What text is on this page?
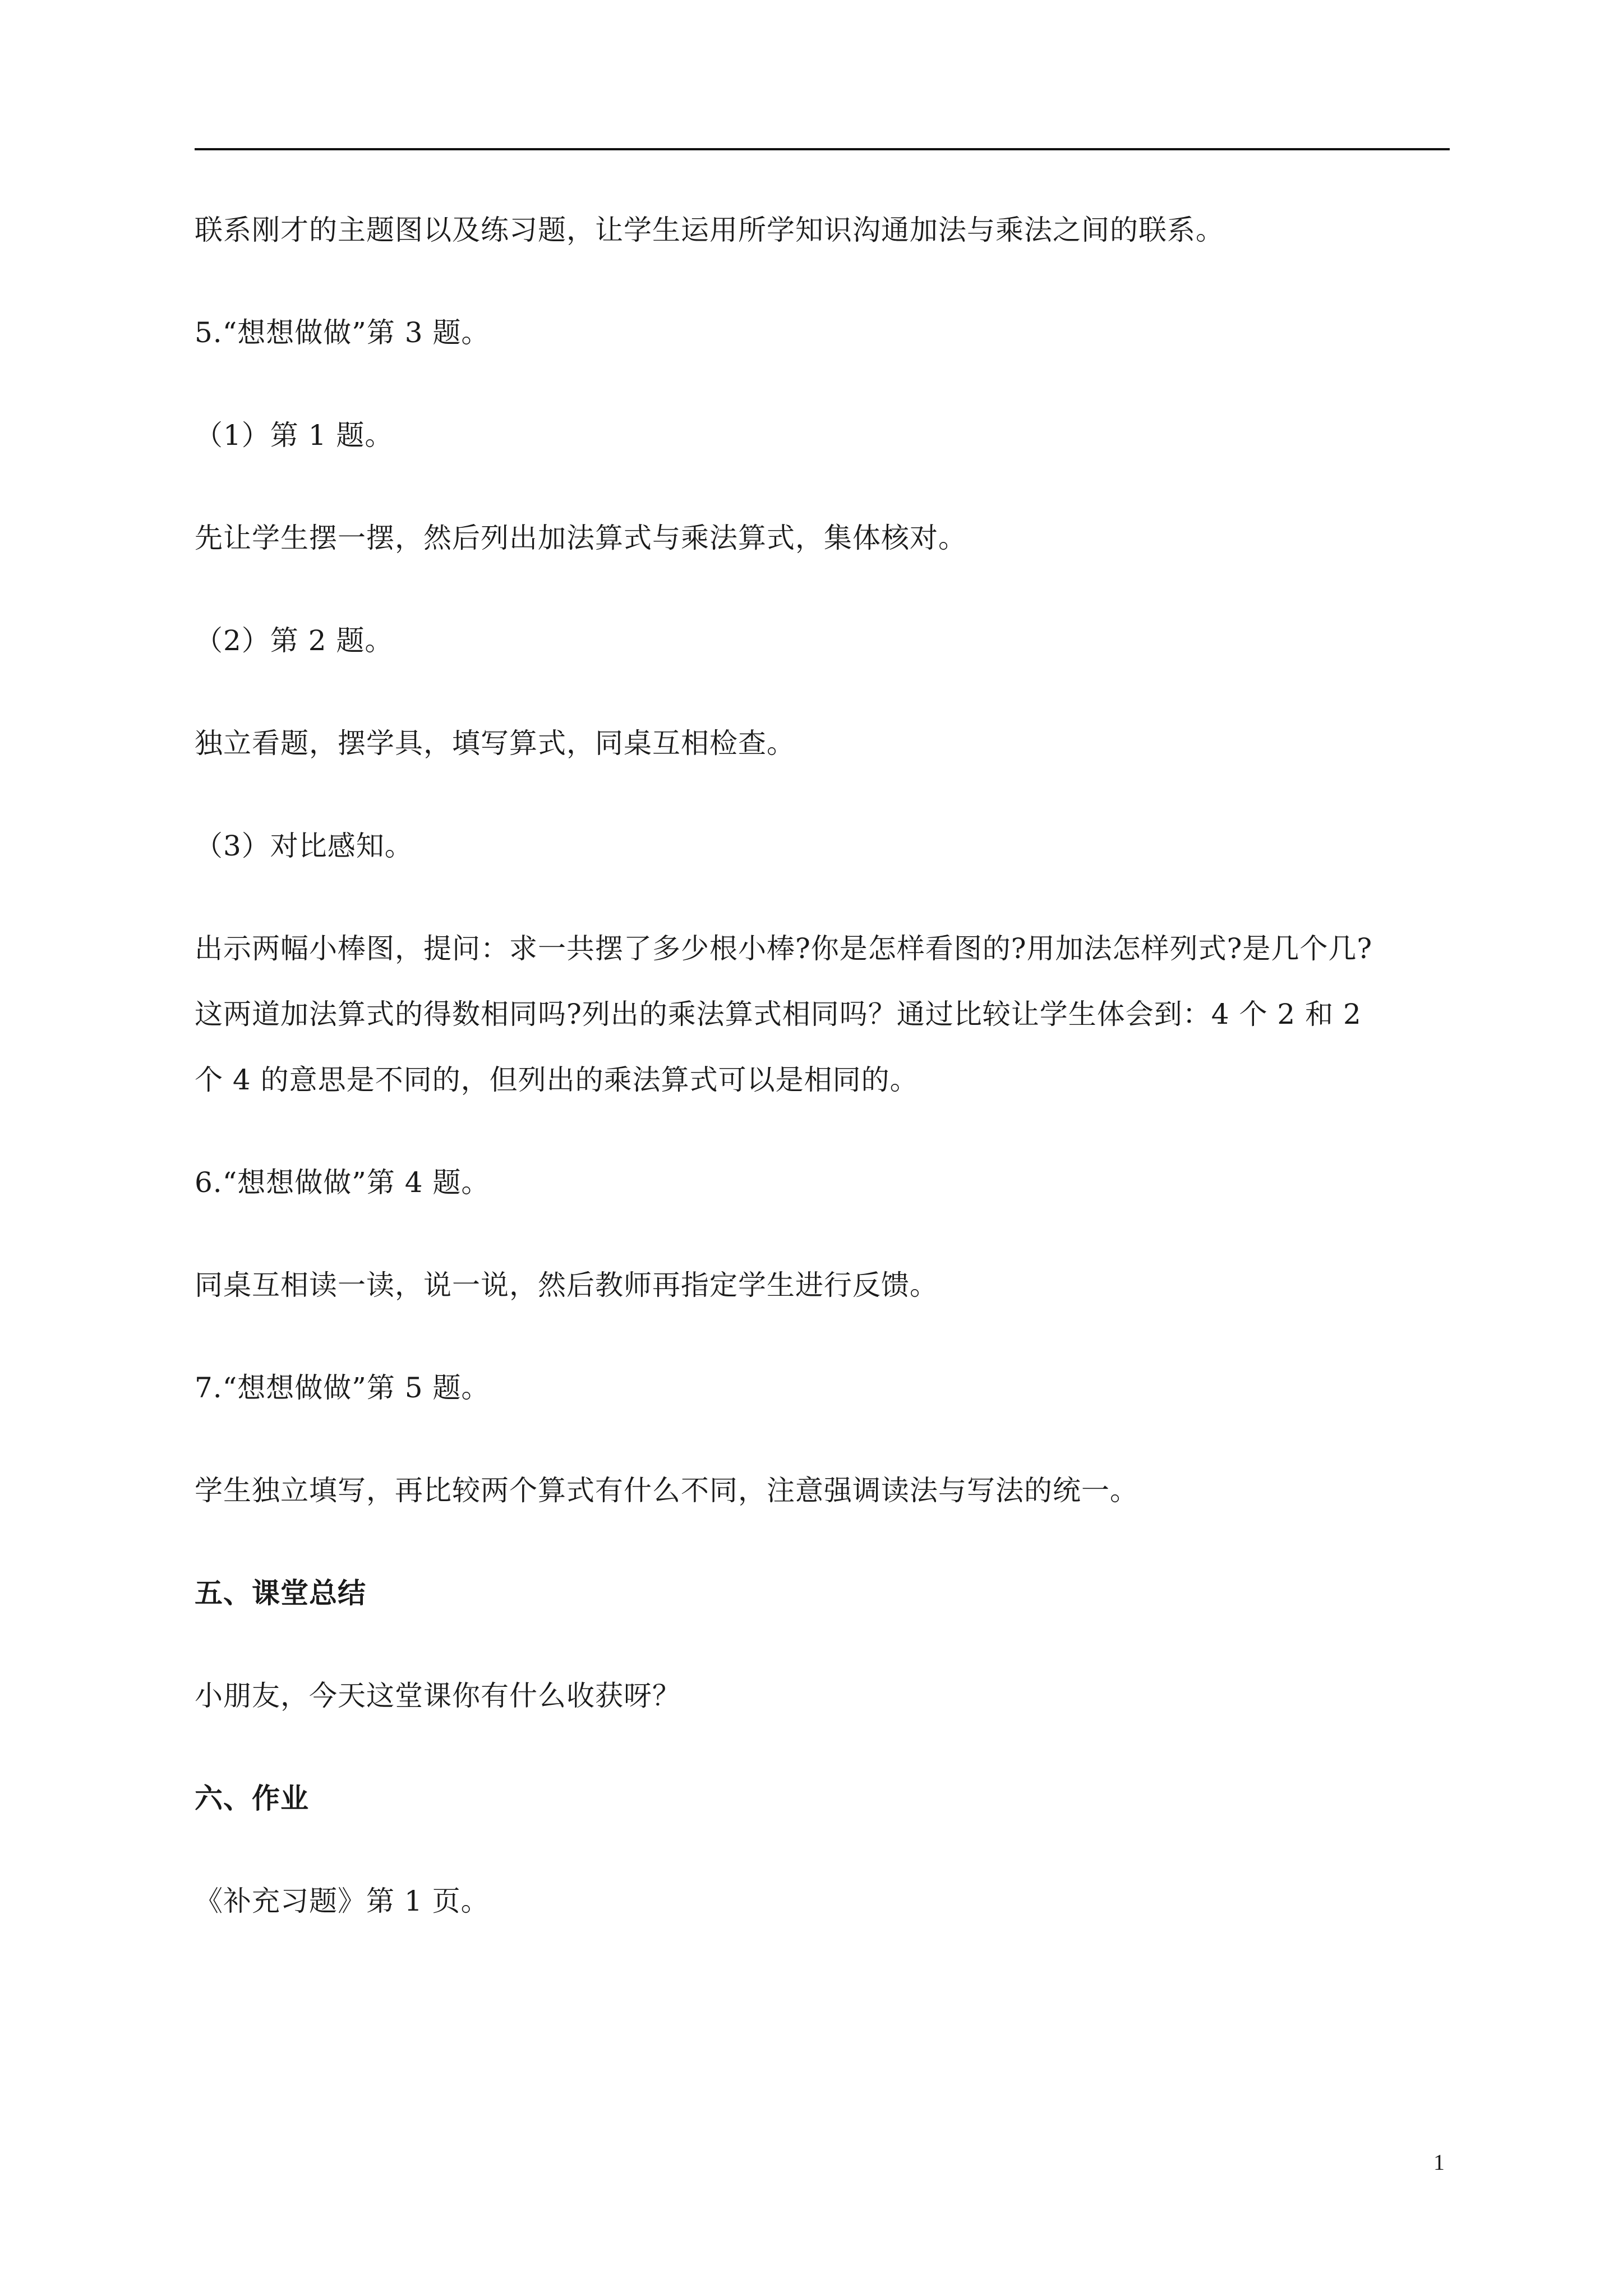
联系刚才的主题图以及练习题，让学生运用所学知识沟通加法与乘法之间的联系。
5.“想想做做”第 3 题。
（1）第 1 题。
先让学生摆一摆，然后列出加法算式与乘法算式，集体核对。
（2）第 2 题。
独立看题，摆学具，填写算式，同桌互相检查。
（3）对比感知。
出示两幅小棒图，提问：求一共摆了多少根小棒?你是怎样看图的?用加法怎样列式?是几个几?
这两道加法算式的得数相同吗?列出的乘法算式相同吗？通过比较让学生体会到：4 个 2 和 2
个 4 的意思是不同的，但列出的乘法算式可以是相同的。
6.“想想做做”第 4 题。
同桌互相读一读，说一说，然后教师再指定学生进行反馈。
7.“想想做做”第 5 题。
学生独立填写，再比较两个算式有什么不同，注意强调读法与写法的统一。
五、课堂总结
小朋友，今天这堂课你有什么收获呀？
六、作业
《补充习题》第 1 页。
1
